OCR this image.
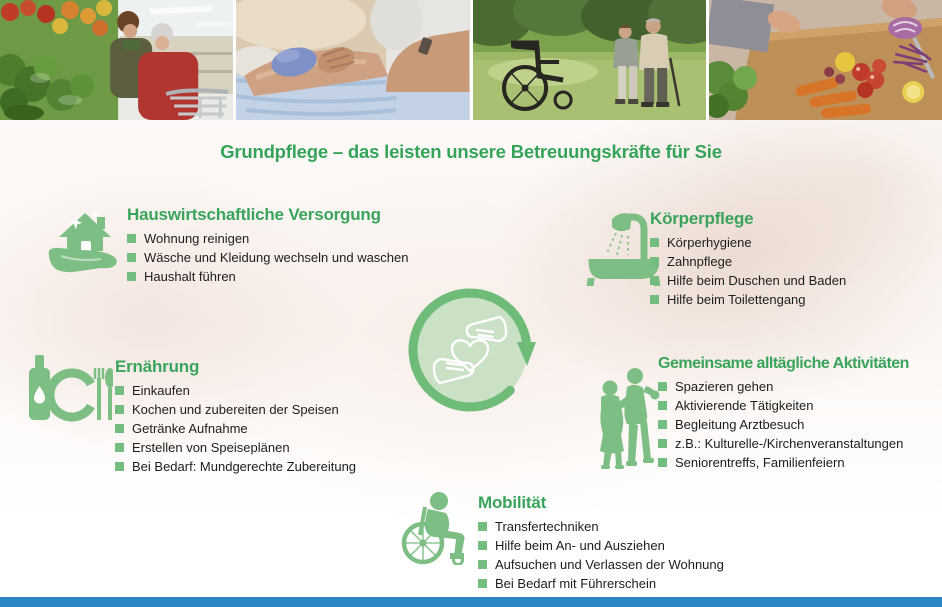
Grundpflege – das leisten unsere Betreuungskräfte für Sie
Hauswirtschaftliche Versorgung
Wohnung reinigen
Wäsche und Kleidung wechseln und waschen
Haushalt führen
Körperpflege
Körperhygiene
Zahnpflege
Hilfe beim Duschen und Baden
Hilfe beim Toilettengang
Ernährung
Einkaufen
Kochen und zubereiten der Speisen
Getränke Aufnahme
Erstellen von Speiseplänen
Bei Bedarf: Mundgerechte Zubereitung
Gemeinsame alltägliche Aktivitäten
Spazieren gehen
Aktivierende Tätigkeiten
Begleitung Arztbesuch
z.B.: Kulturelle-/Kirchenveranstaltungen
Seniorentreffs, Familienfeiern
Mobilität
Transfertechniken
Hilfe beim An- und Ausziehen
Aufsuchen und Verlassen der Wohnung
Bei Bedarf mit Führerschein
